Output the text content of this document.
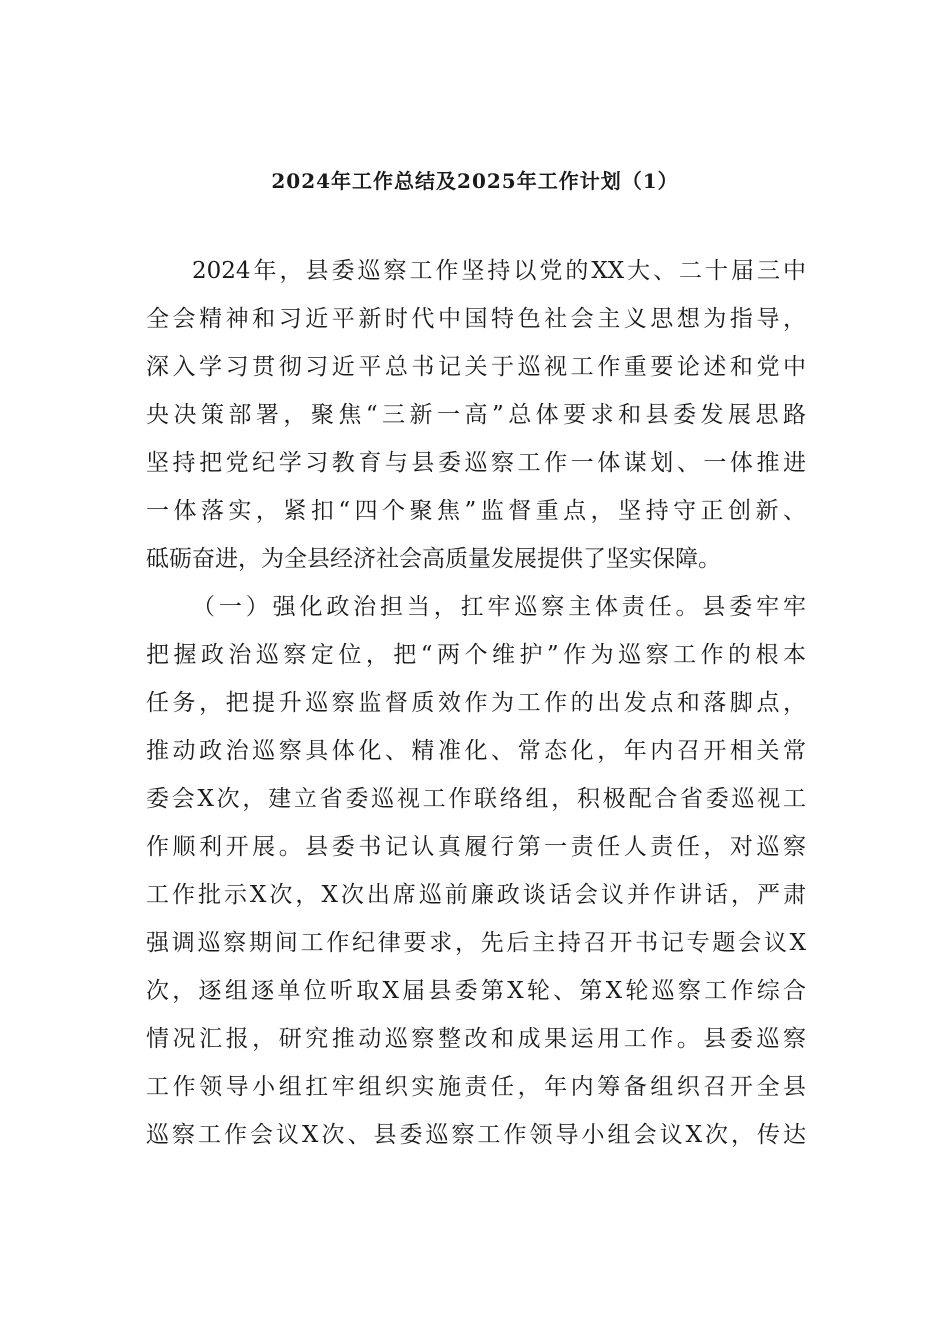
2024年工作总结及2025年工作计划（1）
2024年，县委巡察工作坚持以党的XX大、二十届三中
全会精神和习近平新时代中国特色社会主义思想为指导，
深入学习贯彻习近平总书记关于巡视工作重要论述和党中
央决策部署，聚焦“三新一高”总体要求和县委发展思路
坚持把党纪学习教育与县委巡察工作一体谋划、一体推进
一体落实，紧扣“四个聚焦”监督重点，坚持守正创新、
砥砺奋进，为全县经济社会高质量发展提供了坚实保障。
（一）强化政治担当，扛牢巡察主体责任。县委牢牢
把握政治巡察定位，把“两个维护”作为巡察工作的根本
任务，把提升巡察监督质效作为工作的出发点和落脚点，
推动政治巡察具体化、精准化、常态化，年内召开相关常
委会X次，建立省委巡视工作联络组，积极配合省委巡视工
作顺利开展。县委书记认真履行第一责任人责任，对巡察
工作批示X次，X次出席巡前廉政谈话会议并作讲话，严肃
强调巡察期间工作纪律要求，先后主持召开书记专题会议X
次，逐组逐单位听取X届县委第X轮、第X轮巡察工作综合
情况汇报，研究推动巡察整改和成果运用工作。县委巡察
工作领导小组扛牢组织实施责任，年内筹备组织召开全县
巡察工作会议X次、县委巡察工作领导小组会议X次，传达
